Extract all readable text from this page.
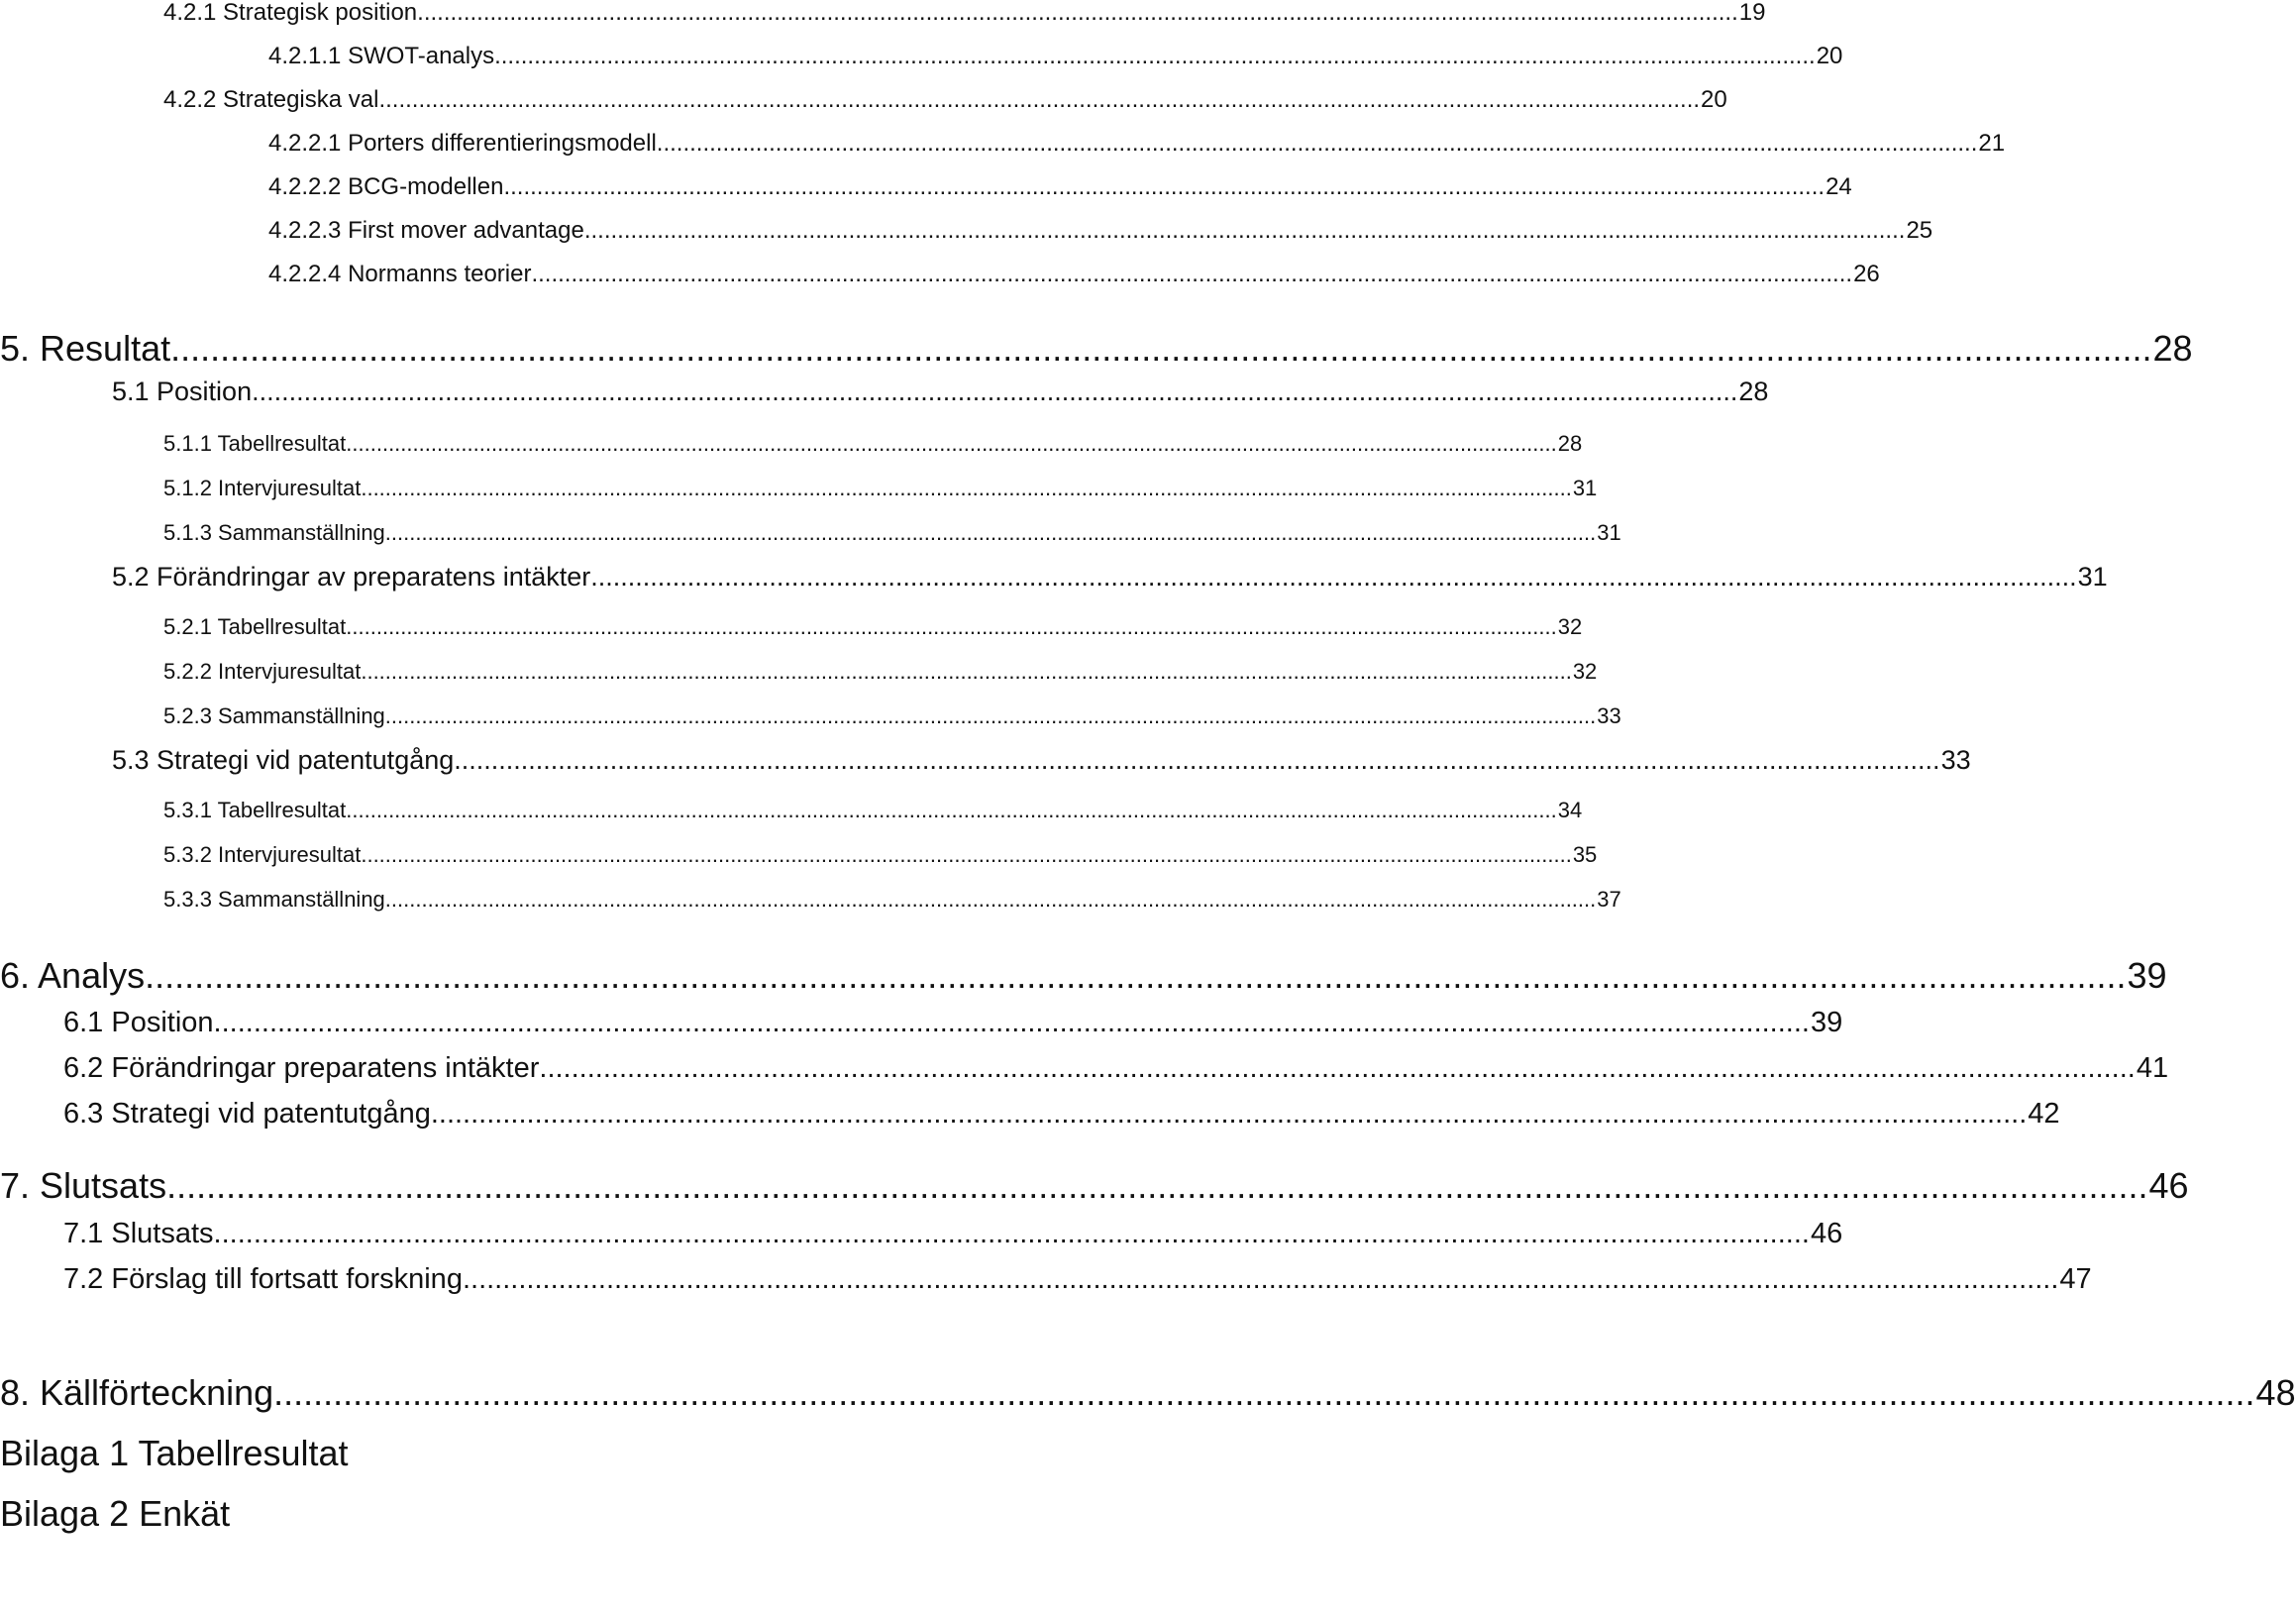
4.2.1 Strategisk position ........................................................................................................................................................................................................ 19
4.2.1.1 SWOT-analys ........................................................................................................................................................................................................ 20
4.2.2 Strategiska val ........................................................................................................................................................................................................ 20
4.2.2.1 Porters differentieringsmodell ........................................................................................................................................................................................................ 21
4.2.2.2 BCG-modellen ........................................................................................................................................................................................................ 24
4.2.2.3 First mover advantage ........................................................................................................................................................................................................ 25
4.2.2.4 Normanns teorier ........................................................................................................................................................................................................ 26
5. Resultat ........................................................................................................................................................................................................ 28
5.1 Position ........................................................................................................................................................................................................ 28
5.1.1 Tabellresultat ........................................................................................................................................................................................................ 28
5.1.2 Intervjuresultat ........................................................................................................................................................................................................ 31
5.1.3 Sammanställning ........................................................................................................................................................................................................ 31
5.2 Förändringar av preparatens intäkter ........................................................................................................................................................................................................ 31
5.2.1 Tabellresultat ........................................................................................................................................................................................................ 32
5.2.2 Intervjuresultat ........................................................................................................................................................................................................ 32
5.2.3 Sammanställning ........................................................................................................................................................................................................ 33
5.3 Strategi vid patentutgång ........................................................................................................................................................................................................ 33
5.3.1 Tabellresultat ........................................................................................................................................................................................................ 34
5.3.2 Intervjuresultat ........................................................................................................................................................................................................ 35
5.3.3 Sammanställning ........................................................................................................................................................................................................ 37
6. Analys ........................................................................................................................................................................................................ 39
6.1 Position ........................................................................................................................................................................................................ 39
6.2 Förändringar preparatens intäkter ........................................................................................................................................................................................................ 41
6.3 Strategi vid patentutgång ........................................................................................................................................................................................................ 42
7. Slutsats ........................................................................................................................................................................................................ 46
7.1 Slutsats ........................................................................................................................................................................................................ 46
7.2 Förslag till fortsatt forskning ........................................................................................................................................................................................................ 47
8. Källförteckning ........................................................................................................................................................................................................ 48
Bilaga 1 Tabellresultat
Bilaga 2 Enkät
